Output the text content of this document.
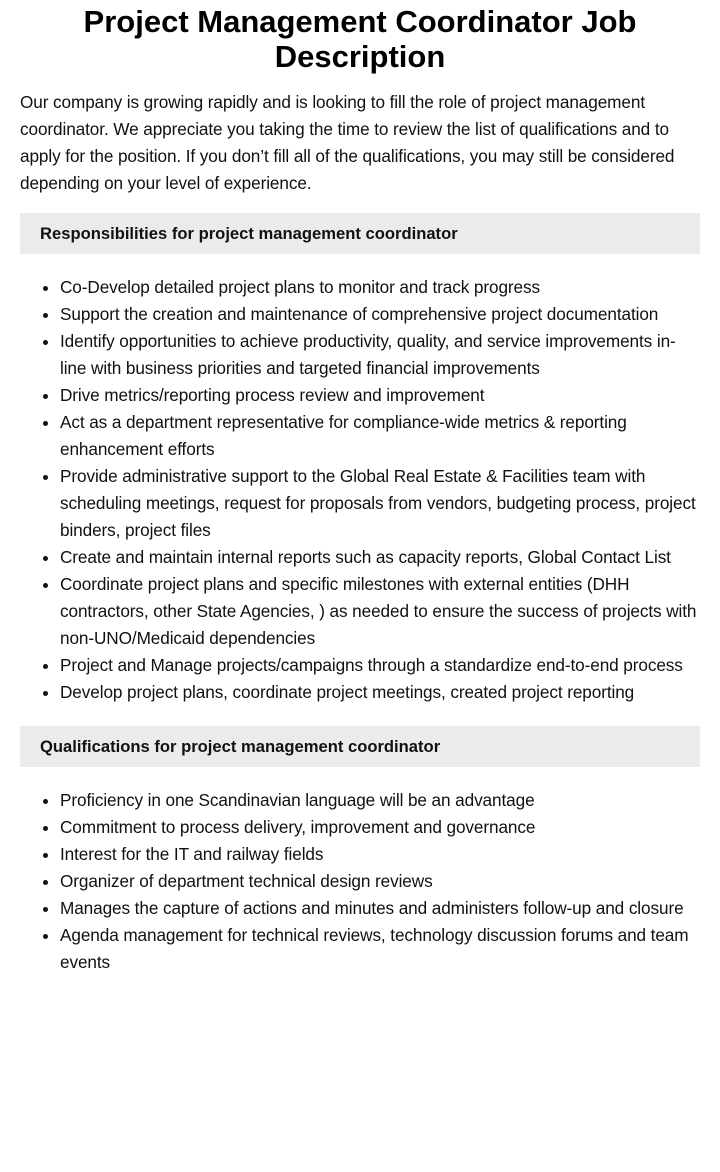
Project Management Coordinator Job Description

Our company is growing rapidly and is looking to fill the role of project management coordinator. We appreciate you taking the time to review the list of qualifications and to apply for the position. If you don’t fill all of the qualifications, you may still be considered depending on your level of experience.

Responsibilities for project management coordinator
• Co-Develop detailed project plans to monitor and track progress
• Support the creation and maintenance of comprehensive project documentation
• Identify opportunities to achieve productivity, quality, and service improvements in-line with business priorities and targeted financial improvements
• Drive metrics/reporting process review and improvement
• Act as a department representative for compliance-wide metrics & reporting enhancement efforts
• Provide administrative support to the Global Real Estate & Facilities team with scheduling meetings, request for proposals from vendors, budgeting process, project binders, project files
• Create and maintain internal reports such as capacity reports, Global Contact List
• Coordinate project plans and specific milestones with external entities (DHH contractors, other State Agencies, ) as needed to ensure the success of projects with non-UNO/Medicaid dependencies
• Project and Manage projects/campaigns through a standardize end-to-end process
• Develop project plans, coordinate project meetings, created project reporting
Qualifications for project management coordinator
• Proficiency in one Scandinavian language will be an advantage
• Commitment to process delivery, improvement and governance
• Interest for the IT and railway fields
• Organizer of department technical design reviews
• Manages the capture of actions and minutes and administers follow-up and closure
• Agenda management for technical reviews, technology discussion forums and team events
